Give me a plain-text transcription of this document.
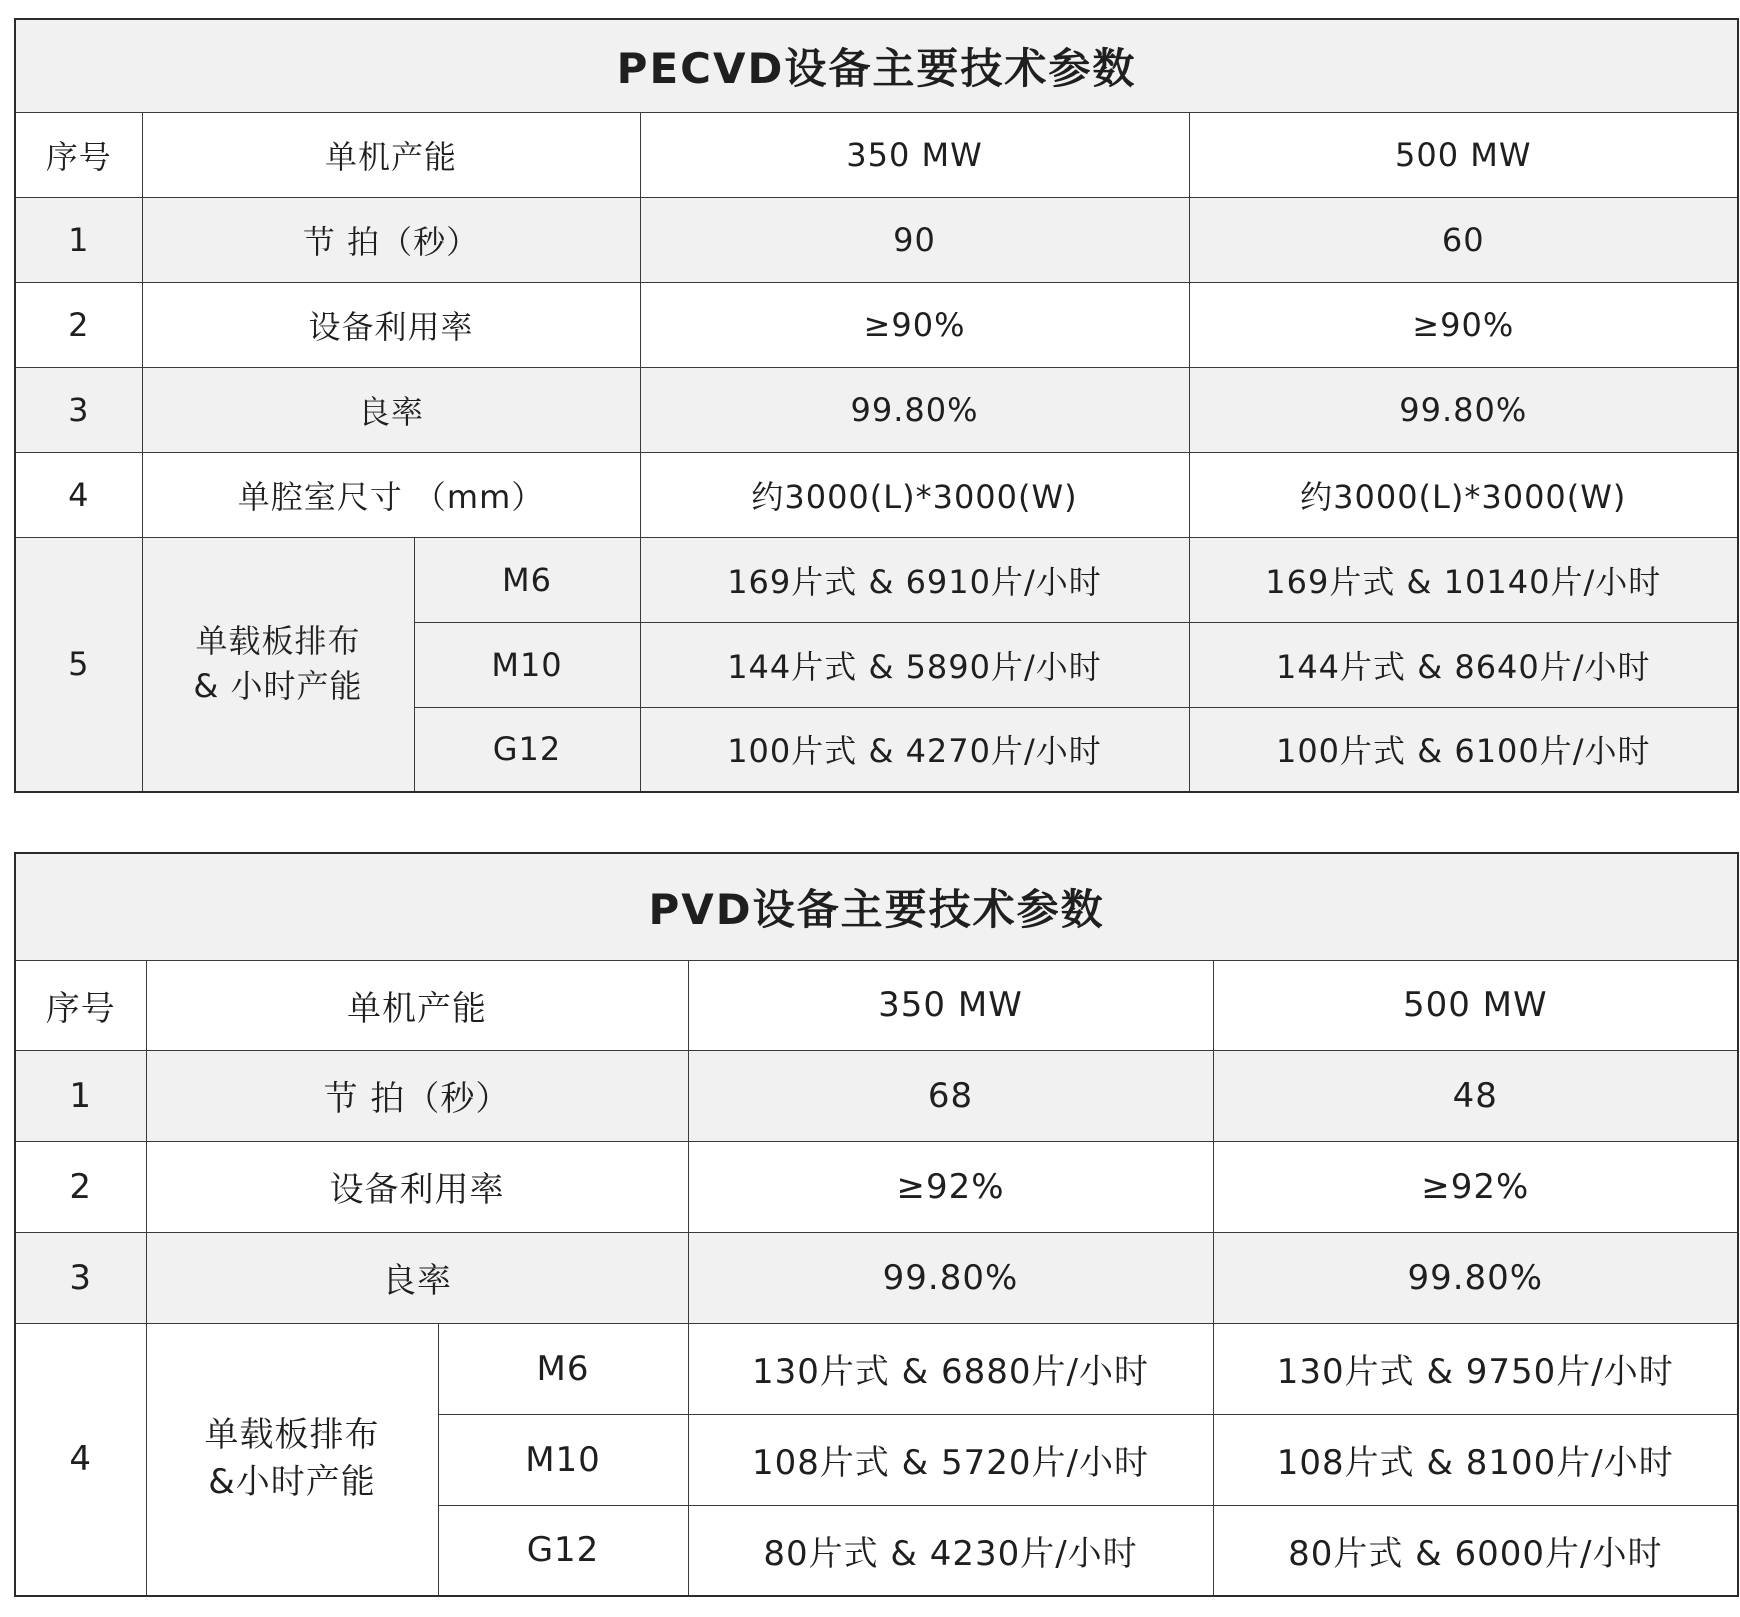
PECVD设备主要技术参数				
序号	单机产能		350 MW	500 MW
1	节 拍（秒）		90	60
2	设备利用率		≥90%	≥90%
3	良率		99.80%	99.80%
4	单腔室尺寸 （mm）		约3000(L)*3000(W)	约3000(L)*3000(W)
5	单载板排布
& 小时产能	M6	169片式 & 6910片/小时	169片式 & 10140片/小时
		M10	144片式 & 5890片/小时	144片式 & 8640片/小时
		G12	100片式 & 4270片/小时	100片式 & 6100片/小时
PVD设备主要技术参数				
序号	单机产能		350 MW	500 MW
1	节 拍（秒）		68	48
2	设备利用率		≥92%	≥92%
3	良率		99.80%	99.80%
4	单载板排布
&小时产能	M6	130片式 & 6880片/小时	130片式 & 9750片/小时
		M10	108片式 & 5720片/小时	108片式 & 8100片/小时
		G12	80片式 & 4230片/小时	80片式 & 6000片/小时
